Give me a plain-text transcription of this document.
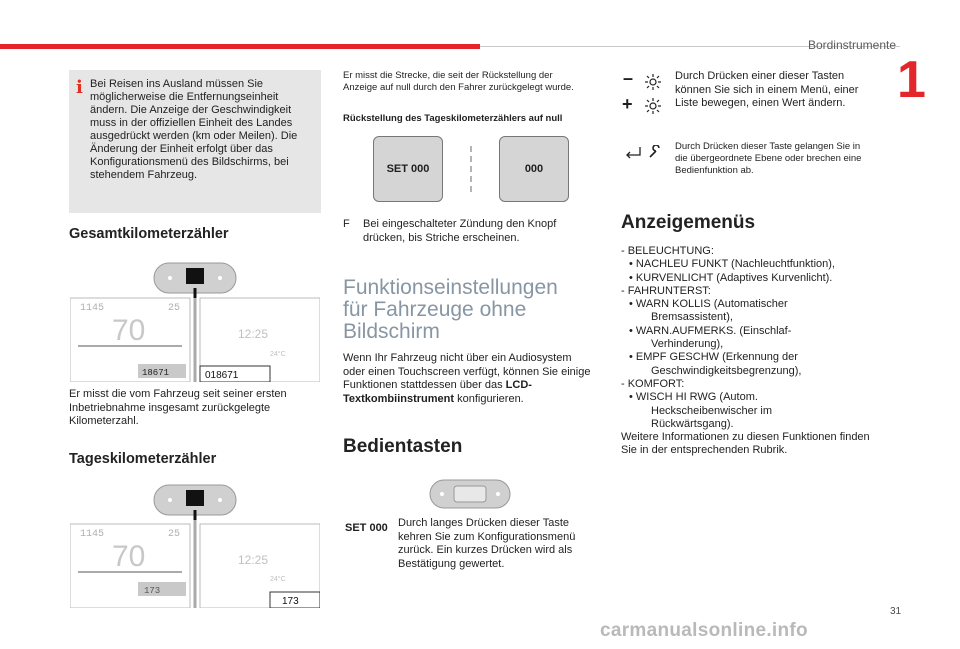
Bordinstrumente
1
i Bei Reisen ins Ausland müssen Sie möglicherweise die Entfernungseinheit ändern. Die Anzeige der Geschwindigkeit muss in der offiziellen Einheit des Landes ausgedrückt werden (km oder Meilen). Die Änderung der Einheit erfolgt über das Konfigurationsmenü des Bildschirms, bei stehendem Fahrzeug.
Gesamtkilometerzähler
1145	25
70
18671
12:25
24°C
018671
Er misst die vom Fahrzeug seit seiner ersten Inbetriebnahme insgesamt zurückgelegte Kilometerzahl.
Tageskilometerzähler
1145	25
70
173
12:25
24°C
173
Er misst die Strecke, die seit der Rückstellung der Anzeige auf null durch den Fahrer zurückgelegt wurde.
Rückstellung des Tageskilometerzählers auf null
SET 000	000
F	Bei eingeschalteter Zündung den Knopf drücken, bis Striche erscheinen.
Funktionseinstellungen für Fahrzeuge ohne Bildschirm
Wenn Ihr Fahrzeug nicht über ein Audiosystem oder einen Touchscreen verfügt, können Sie einige Funktionen stattdessen über das LCD-Textkombiinstrument konfigurieren.
Bedientasten
SET 000 Durch langes Drücken dieser Taste kehren Sie zum Konfigurationsmenü zurück. Ein kurzes Drücken wird als Bestätigung gewertet.
–
+
Durch Drücken einer dieser Tasten können Sie sich in einem Menü, einer Liste bewegen, einen Wert ändern.
Durch Drücken dieser Taste gelangen Sie in die übergeordnete Ebene oder brechen eine Bedienfunktion ab.
Anzeigemenüs
- BELEUCHTUNG:
• NACHLEU FUNKT (Nachleuchtfunktion),
• KURVENLICHT (Adaptives Kurvenlicht).
- FAHRUNTERST:
• WARN KOLLIS (Automatischer
Bremsassistent),
• WARN.AUFMERKS. (Einschlaf-
Verhinderung),
• EMPF GESCHW (Erkennung der
Geschwindigkeitsbegrenzung),
- KOMFORT:
• WISCH HI RWG (Autom.
Heckscheibenwischer im
Rückwärtsgang).
Weitere Informationen zu diesen Funktionen finden Sie in der entsprechenden Rubrik.
31
carmanualsonline.info
